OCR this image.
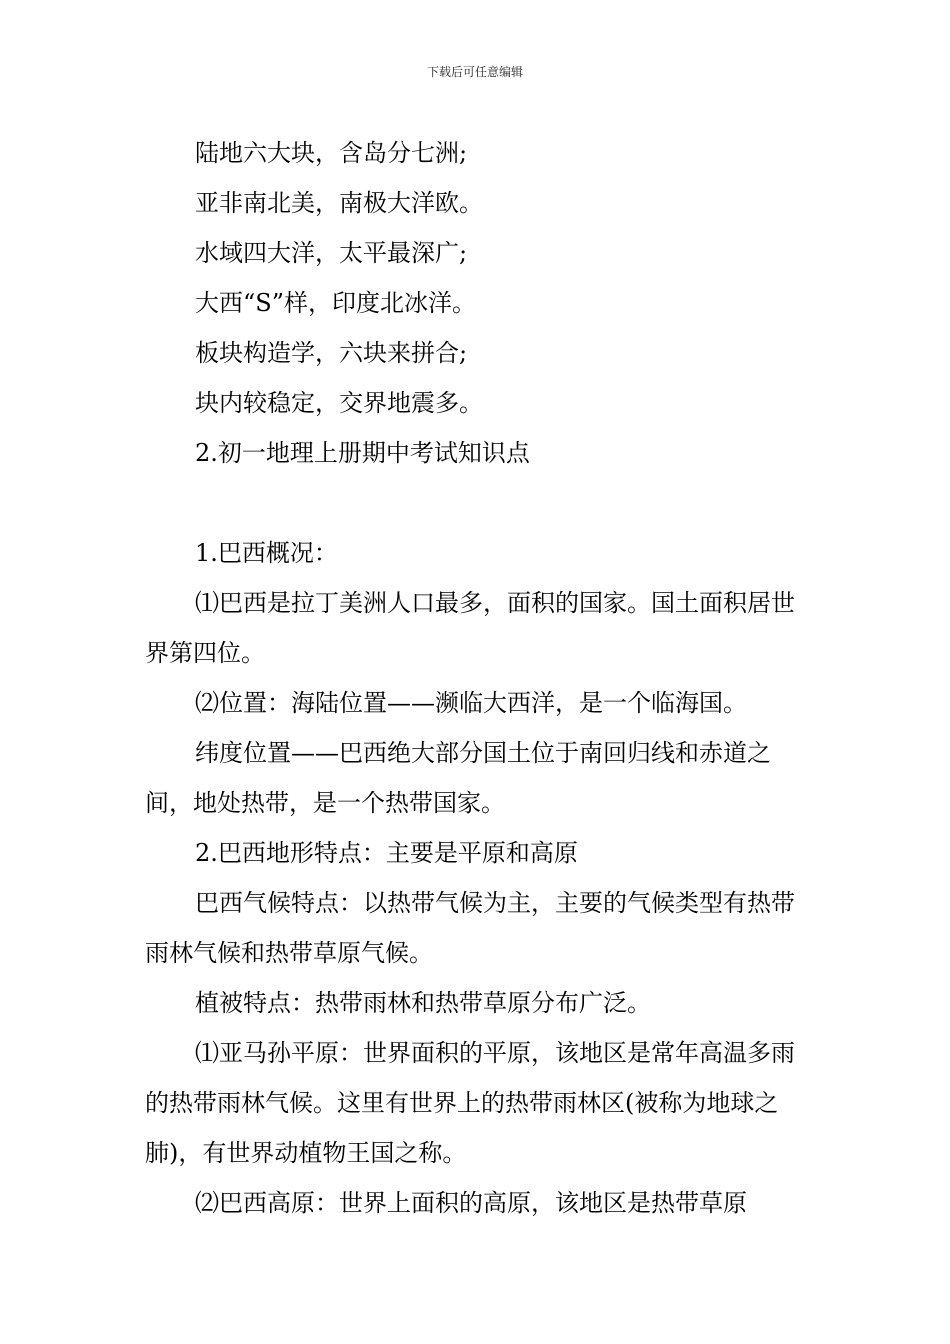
下载后可任意编辑

陆地六大块，含岛分七洲;

亚非南北美，南极大洋欧。

水域四大洋，太平最深广;

大西“S”样，印度北冰洋。

板块构造学，六块来拼合;

块内较稳定，交界地震多。

2.初一地理上册期中考试知识点

1.巴西概况：

⑴巴西是拉丁美洲人口最多，面积的国家。国土面积居世界第四位。

⑵位置：海陆位置——濒临大西洋，是一个临海国。

纬度位置——巴西绝大部分国土位于南回归线和赤道之间，地处热带，是一个热带国家。

2.巴西地形特点：主要是平原和高原

巴西气候特点：以热带气候为主，主要的气候类型有热带雨林气候和热带草原气候。

植被特点：热带雨林和热带草原分布广泛。

⑴亚马孙平原：世界面积的平原，该地区是常年高温多雨的热带雨林气候。这里有世界上的热带雨林区(被称为地球之肺)，有世界动植物王国之称。

⑵巴西高原：世界上面积的高原，该地区是热带草原
